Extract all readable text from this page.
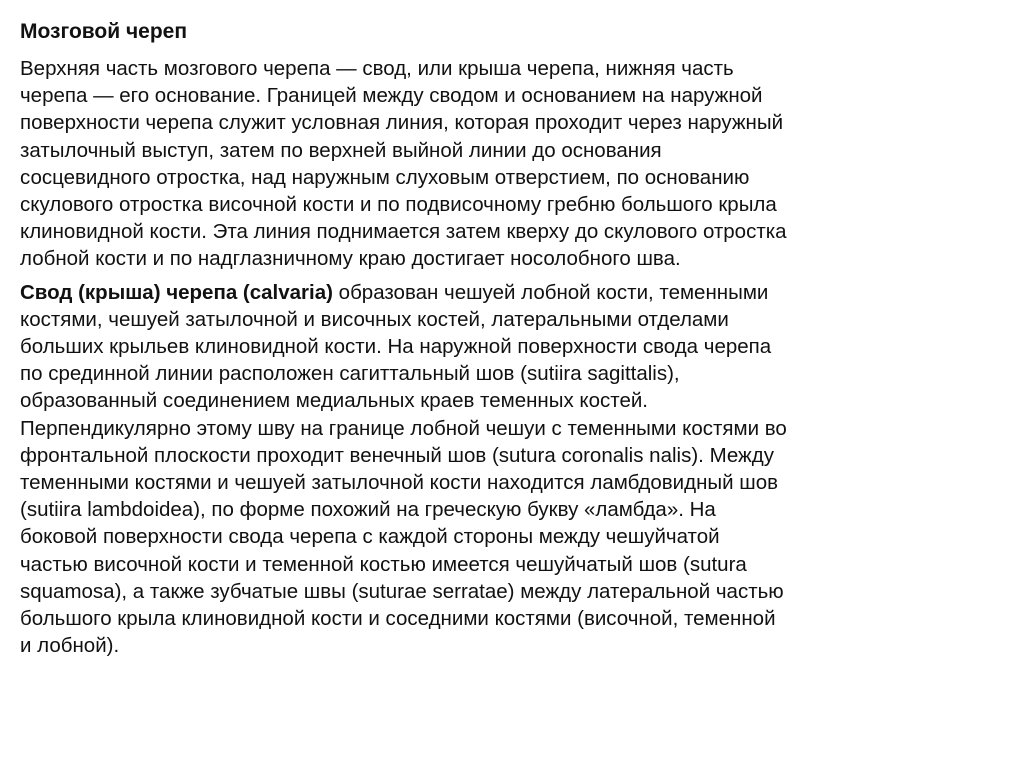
Мозговой череп

Верхняя часть мозгового черепа — свод, или крыша черепа, нижняя часть
черепа — его основание. Границей между сводом и основанием на наружной
поверхности черепа служит условная линия, которая проходит через наружный
затылочный выступ, затем по верхней выйной линии до основания
сосцевидного отростка, над наружным слуховым отверстием, по основанию
скулового отростка височной кости и по подвисочному гребню большого крыла
клиновидной кости. Эта линия поднимается затем кверху до скулового отростка
лобной кости и по надглазничному краю достигает носолобного шва.

Свод (крыша) черепа (calvaria) образован чешуей лобной кости, теменными
костями, чешуей затылочной и височных костей, латеральными отделами
больших крыльев клиновидной кости. На наружной поверхности свода черепа
по срединной линии расположен сагиттальный шов (sutiira sagittalis),
образованный соединением медиальных краев теменных костей.
Перпендикулярно этому шву на границе лобной чешуи с теменными костями во
фронтальной плоскости проходит венечный шов (sutura coronalis nalis). Между
теменными костями и чешуей затылочной кости находится ламбдовидный шов
(sutiira lambdoidea), по форме похожий на греческую букву «ламбда». На
боковой поверхности свода черепа с каждой стороны между чешуйчатой
частью височной кости и теменной костью имеется чешуйчатый шов (sutura
squamosa), а также зубчатые швы (suturae serratae) между латеральной частью
большого крыла клиновидной кости и соседними костями (височной, теменной
и лобной).
